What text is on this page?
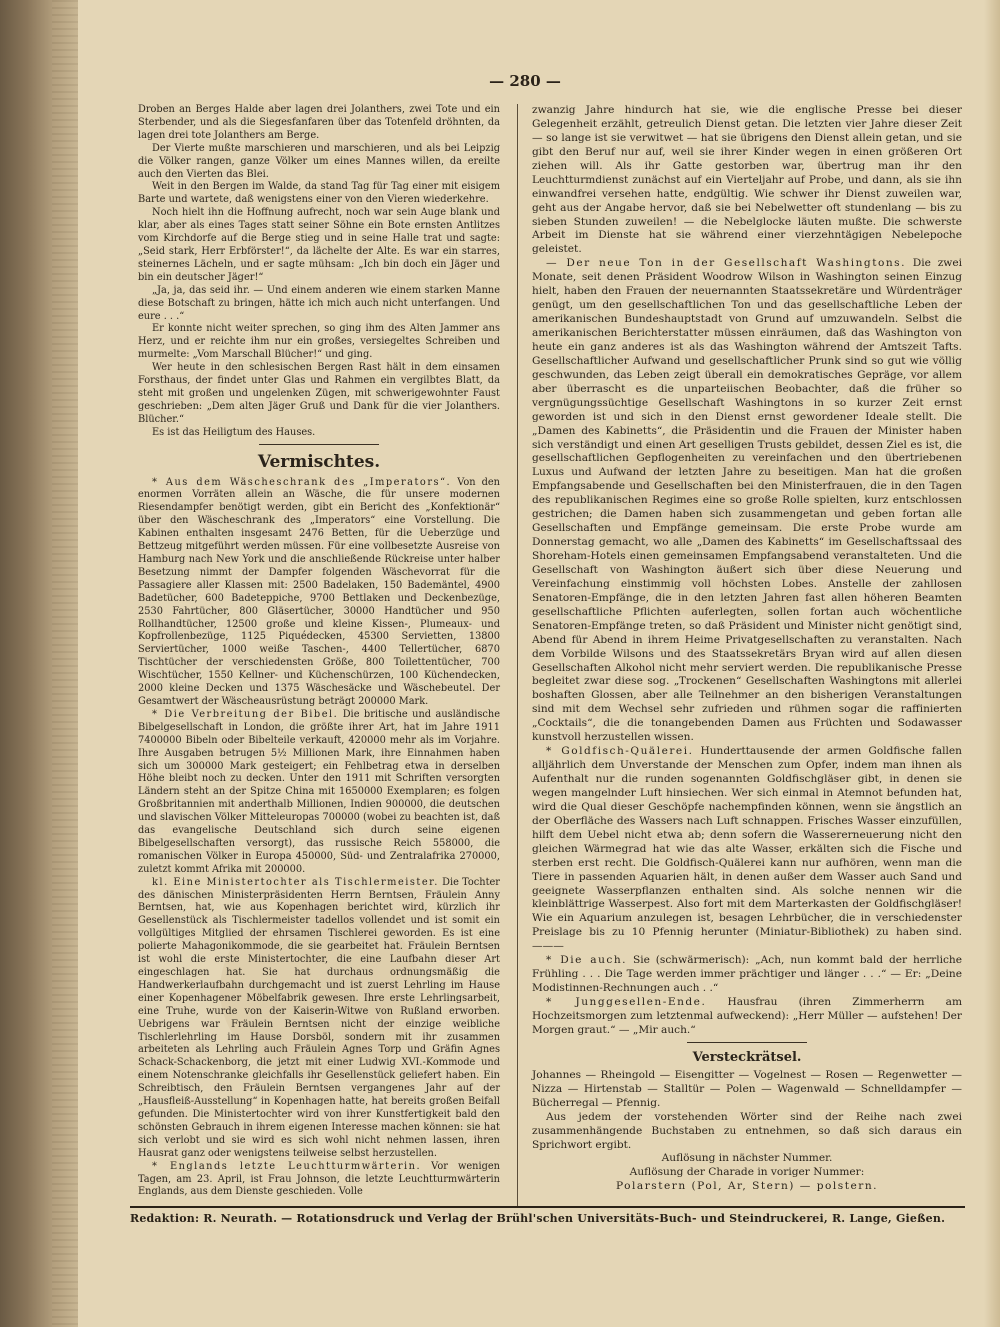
— 280 —

Droben an Berges Halde aber lagen drei Jolanthers, zwei Tote und ein Sterbender, und als die Siegesfanfaren über das Totenfeld dröhnten, da lagen drei tote Jolanthers am Berge.

Der Vierte mußte marschieren und marschieren, und als bei Leipzig die Völker rangen, ganze Völker um eines Mannes willen, da ereilte auch den Vierten das Blei.

Weit in den Bergen im Walde, da stand Tag für Tag einer mit eisigem Barte und wartete, daß wenigstens einer von den Vieren wiederkehre.

Noch hielt ihn die Hoffnung aufrecht, noch war sein Auge blank und klar, aber als eines Tages statt seiner Söhne ein Bote ernsten Antlitzes vom Kirchdorfe auf die Berge stieg und in seine Halle trat und sagte: „Seid stark, Herr Erbförster!“, da lächelte der Alte. Es war ein starres, steinernes Lächeln, und er sagte mühsam: „Ich bin doch ein Jäger und bin ein deutscher Jäger!“

„Ja, ja, das seid ihr. — Und einem anderen wie einem starken Manne diese Botschaft zu bringen, hätte ich mich auch nicht unterfangen. Und eure . . .“

Er konnte nicht weiter sprechen, so ging ihm des Alten Jammer ans Herz, und er reichte ihm nur ein großes, versiegeltes Schreiben und murmelte: „Vom Marschall Blücher!“ und ging.

Wer heute in den schlesischen Bergen Rast hält in dem einsamen Forsthaus, der findet unter Glas und Rahmen ein vergilbtes Blatt, da steht mit großen und ungelenken Zügen, mit schwerigewohnter Faust geschrieben: „Dem alten Jäger Gruß und Dank für die vier Jolanthers. Blücher.“

Es ist das Heiligtum des Hauses.

Vermischtes.

* Aus dem Wäscheschrank des „Imperators“. Von den enormen Vorräten allein an Wäsche, die für unsere modernen Riesendampfer benötigt werden, gibt ein Bericht des „Konfektionär“ über den Wäscheschrank des „Imperators“ eine Vorstellung. Die Kabinen enthalten insgesamt 2476 Betten, für die Ueberzüge und Bettzeug mitgeführt werden müssen. Für eine vollbesetzte Ausreise von Hamburg nach New York und die anschließende Rückreise unter halber Besetzung nimmt der Dampfer folgenden Wäschevorrat für die Passagiere aller Klassen mit: 2500 Badelaken, 150 Bademäntel, 4900 Badetücher, 600 Badeteppiche, 9700 Bettlaken und Deckenbezüge, 2530 Fahrtücher, 800 Gläsertücher, 30000 Handtücher und 950 Rollhandtücher, 12500 große und kleine Kissen-, Plumeaux- und Kopfrollenbezüge, 1125 Piquédecken, 45300 Servietten, 13800 Serviertücher, 1000 weiße Taschen-, 4400 Tellertücher, 6870 Tischtücher der verschiedensten Größe, 800 Toilettentücher, 700 Wischtücher, 1550 Kellner- und Küchenschürzen, 100 Küchendecken, 2000 kleine Decken und 1375 Wäschesäcke und Wäschebeutel. Der Gesamtwert der Wäscheausrüstung beträgt 200000 Mark.

* Die Verbreitung der Bibel. Die britische und ausländische Bibelgesellschaft in London, die größte ihrer Art, hat im Jahre 1911 7400000 Bibeln oder Bibelteile verkauft, 420000 mehr als im Vorjahre. Ihre Ausgaben betrugen 5½ Millionen Mark, ihre Einnahmen haben sich um 300000 Mark gesteigert; ein Fehlbetrag etwa in derselben Höhe bleibt noch zu decken. Unter den 1911 mit Schriften versorgten Ländern steht an der Spitze China mit 1650000 Exemplaren; es folgen Großbritannien mit anderthalb Millionen, Indien 900000, die deutschen und slavischen Völker Mitteleuropas 700000 (wobei zu beachten ist, daß das evangelische Deutschland sich durch seine eigenen Bibelgesellschaften versorgt), das russische Reich 558000, die romanischen Völker in Europa 450000, Süd- und Zentralafrika 270000, zuletzt kommt Afrika mit 200000.

kl. Eine Ministertochter als Tischlermeister. Die Tochter des dänischen Ministerpräsidenten Herrn Berntsen, Fräulein Anny Berntsen, hat, wie aus Kopenhagen berichtet wird, kürzlich ihr Gesellenstück als Tischlermeister tadellos vollendet und ist somit ein vollgültiges Mitglied der ehrsamen Tischlerei geworden. Es ist eine polierte Mahagonikommode, die sie gearbeitet hat. Fräulein Berntsen ist wohl die erste Ministertochter, die eine Laufbahn dieser Art eingeschlagen hat. Sie hat durchaus ordnungsmäßig die Handwerkerlaufbahn durchgemacht und ist zuerst Lehrling im Hause einer Kopenhagener Möbelfabrik gewesen. Ihre erste Lehrlingsarbeit, eine Truhe, wurde von der Kaiserin-Witwe von Rußland erworben. Uebrigens war Fräulein Berntsen nicht der einzige weibliche Tischlerlehrling im Hause Dorsböl, sondern mit ihr zusammen arbeiteten als Lehrling auch Fräulein Agnes Torp und Gräfin Agnes Schack-Schackenborg, die jetzt mit einer Ludwig XVI.-Kommode und einem Notenschranke gleichfalls ihr Gesellenstück geliefert haben. Ein Schreibtisch, den Fräulein Berntsen vergangenes Jahr auf der „Hausfleiß-Ausstellung“ in Kopenhagen hatte, hat bereits großen Beifall gefunden. Die Ministertochter wird von ihrer Kunstfertigkeit bald den schönsten Gebrauch in ihrem eigenen Interesse machen können: sie hat sich verlobt und sie wird es sich wohl nicht nehmen lassen, ihren Hausrat ganz oder wenigstens teilweise selbst herzustellen.

* Englands letzte Leuchtturmwärterin. Vor wenigen Tagen, am 23. April, ist Frau Johnson, die letzte Leuchtturmwärterin Englands, aus dem Dienste geschieden. Volle

zwanzig Jahre hindurch hat sie, wie die englische Presse bei dieser Gelegenheit erzählt, getreulich Dienst getan. Die letzten vier Jahre dieser Zeit — so lange ist sie verwitwet — hat sie übrigens den Dienst allein getan, und sie gibt den Beruf nur auf, weil sie ihrer Kinder wegen in einen größeren Ort ziehen will. Als ihr Gatte gestorben war, übertrug man ihr den Leuchtturmdienst zunächst auf ein Vierteljahr auf Probe, und dann, als sie ihn einwandfrei versehen hatte, endgültig. Wie schwer ihr Dienst zuweilen war, geht aus der Angabe hervor, daß sie bei Nebelwetter oft stundenlang — bis zu sieben Stunden zuweilen! — die Nebelglocke läuten mußte. Die schwerste Arbeit im Dienste hat sie während einer vierzehntägigen Nebelepoche geleistet.

— Der neue Ton in der Gesellschaft Washingtons. Die zwei Monate, seit denen Präsident Woodrow Wilson in Washington seinen Einzug hielt, haben den Frauen der neuernannten Staatssekretäre und Würdenträger genügt, um den gesellschaftlichen Ton und das gesellschaftliche Leben der amerikanischen Bundeshauptstadt von Grund auf umzuwandeln. Selbst die amerikanischen Berichterstatter müssen einräumen, daß das Washington von heute ein ganz anderes ist als das Washington während der Amtszeit Tafts. Gesellschaftlicher Aufwand und gesellschaftlicher Prunk sind so gut wie völlig geschwunden, das Leben zeigt überall ein demokratisches Gepräge, vor allem aber überrascht es die unparteiischen Beobachter, daß die früher so vergnügungssüchtige Gesellschaft Washingtons in so kurzer Zeit ernst geworden ist und sich in den Dienst ernst gewordener Ideale stellt. Die „Damen des Kabinetts“, die Präsidentin und die Frauen der Minister haben sich verständigt und einen Art geselligen Trusts gebildet, dessen Ziel es ist, die gesellschaftlichen Gepflogenheiten zu vereinfachen und den übertriebenen Luxus und Aufwand der letzten Jahre zu beseitigen. Man hat die großen Empfangsabende und Gesellschaften bei den Ministerfrauen, die in den Tagen des republikanischen Regimes eine so große Rolle spielten, kurz entschlossen gestrichen; die Damen haben sich zusammengetan und geben fortan alle Gesellschaften und Empfänge gemeinsam. Die erste Probe wurde am Donnerstag gemacht, wo alle „Damen des Kabinetts“ im Gesellschaftssaal des Shoreham-Hotels einen gemeinsamen Empfangsabend veranstalteten. Und die Gesellschaft von Washington äußert sich über diese Neuerung und Vereinfachung einstimmig voll höchsten Lobes. Anstelle der zahllosen Senatoren-Empfänge, die in den letzten Jahren fast allen höheren Beamten gesellschaftliche Pflichten auferlegten, sollen fortan auch wöchentliche Senatoren-Empfänge treten, so daß Präsident und Minister nicht genötigt sind, Abend für Abend in ihrem Heime Privatgesellschaften zu veranstalten. Nach dem Vorbilde Wilsons und des Staatssekretärs Bryan wird auf allen diesen Gesellschaften Alkohol nicht mehr serviert werden. Die republikanische Presse begleitet zwar diese sog. „Trockenen“ Gesellschaften Washingtons mit allerlei boshaften Glossen, aber alle Teilnehmer an den bisherigen Veranstaltungen sind mit dem Wechsel sehr zufrieden und rühmen sogar die raffinierten „Cocktails“, die die tonangebenden Damen aus Früchten und Sodawasser kunstvoll herzustellen wissen.

* Goldfisch-Quälerei. Hunderttausende der armen Goldfische fallen alljährlich dem Unverstande der Menschen zum Opfer, indem man ihnen als Aufenthalt nur die runden sogenannten Goldfischgläser gibt, in denen sie wegen mangelnder Luft hinsiechen. Wer sich einmal in Atemnot befunden hat, wird die Qual dieser Geschöpfe nachempfinden können, wenn sie ängstlich an der Oberfläche des Wassers nach Luft schnappen. Frisches Wasser einzufüllen, hilft dem Uebel nicht etwa ab; denn sofern die Wassererneuerung nicht den gleichen Wärmegrad hat wie das alte Wasser, erkälten sich die Fische und sterben erst recht. Die Goldfisch-Quälerei kann nur aufhören, wenn man die Tiere in passenden Aquarien hält, in denen außer dem Wasser auch Sand und geeignete Wasserpflanzen enthalten sind. Als solche nennen wir die kleinblättrige Wasserpest. Also fort mit dem Marterkasten der Goldfischgläser! Wie ein Aquarium anzulegen ist, besagen Lehrbücher, die in verschiedenster Preislage bis zu 10 Pfennig herunter (Miniatur-Bibliothek) zu haben sind. ———

* Die auch. Sie (schwärmerisch): „Ach, nun kommt bald der herrliche Frühling . . . Die Tage werden immer prächtiger und länger . . .“ — Er: „Deine Modistinnen-Rechnungen auch . .“

* Junggesellen-Ende. Hausfrau (ihren Zimmerherrn am Hochzeitsmorgen zum letztenmal aufweckend): „Herr Müller — aufstehen! Der Morgen graut.“ — „Mir auch.“

Versteckrätsel.

Johannes — Rheingold — Eisengitter — Vogelnest — Rosen — Regenwetter — Nizza — Hirtenstab — Stalltür — Polen — Wagenwald — Schnelldampfer — Bücherregal — Pfennig.

Aus jedem der vorstehenden Wörter sind der Reihe nach zwei zusammenhängende Buchstaben zu entnehmen, so daß sich daraus ein Sprichwort ergibt.

Auflösung in nächster Nummer.

Auflösung der Charade in voriger Nummer:

Polarstern (Pol, Ar, Stern) — polstern.

Redaktion: R. Neurath. — Rotationsdruck und Verlag der Brühl'schen Universitäts-Buch- und Steindruckerei, R. Lange, Gießen.
